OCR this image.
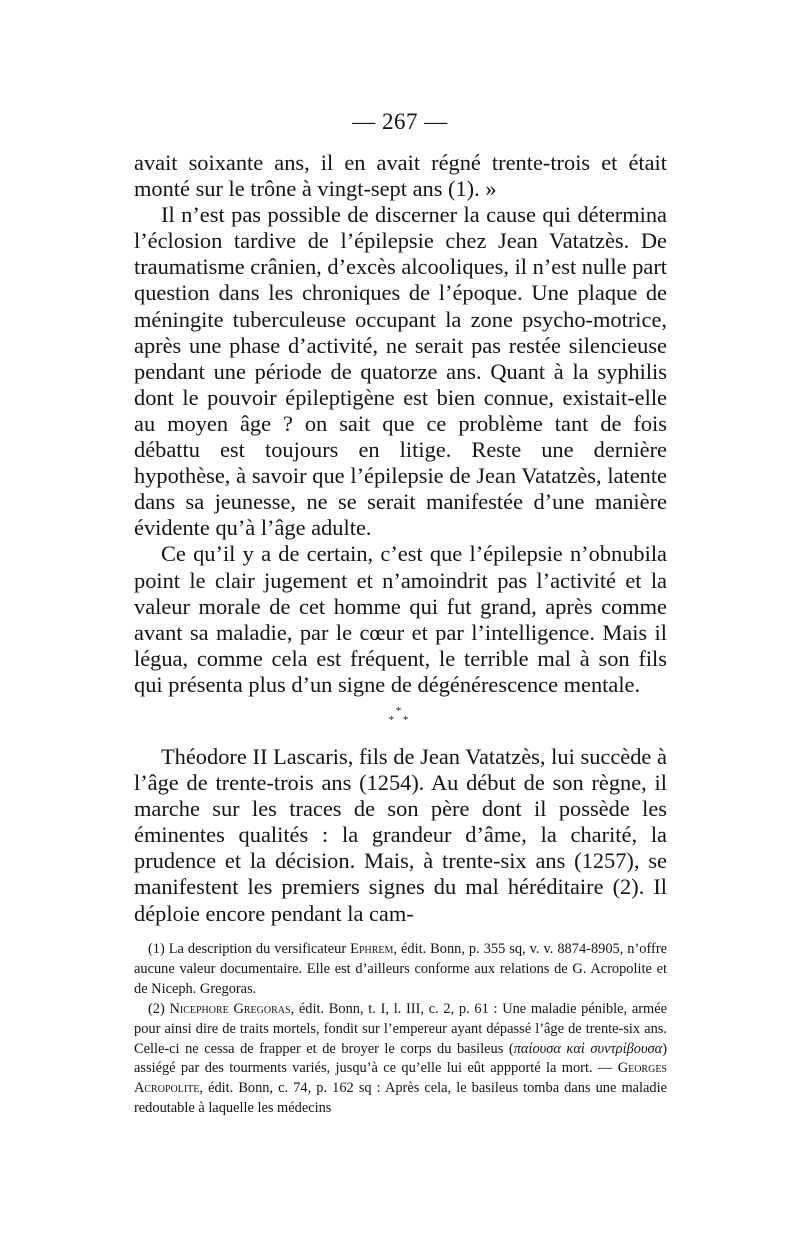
— 267 —

avait soixante ans, il en avait régné trente-trois et était monté sur le trône à vingt-sept ans (1). »

Il n’est pas possible de discerner la cause qui détermina l’éclosion tardive de l’épilepsie chez Jean Vatatzès. De traumatisme crânien, d’excès alcooliques, il n’est nulle part question dans les chroniques de l’époque. Une plaque de méningite tuberculeuse occupant la zone psycho-motrice, après une phase d’activité, ne serait pas restée silencieuse pendant une période de quatorze ans. Quant à la syphilis dont le pouvoir épileptigène est bien connue, existait-elle au moyen âge ? on sait que ce problème tant de fois débattu est toujours en litige. Reste une dernière hypothèse, à savoir que l’épilepsie de Jean Vatatzès, latente dans sa jeunesse, ne se serait manifestée d’une manière évidente qu’à l’âge adulte.

Ce qu’il y a de certain, c’est que l’épilepsie n’obnubila point le clair jugement et n’amoindrit pas l’activité et la valeur morale de cet homme qui fut grand, après comme avant sa maladie, par le cœur et par l’intelligence. Mais il légua, comme cela est fréquent, le terrible mal à son fils qui présenta plus d’un signe de dégénérescence mentale.

*
* *

Théodore II Lascaris, fils de Jean Vatatzès, lui succède à l’âge de trente-trois ans (1254). Au début de son règne, il marche sur les traces de son père dont il possède les éminentes qualités : la grandeur d’âme, la charité, la prudence et la décision. Mais, à trente-six ans (1257), se manifestent les premiers signes du mal héréditaire (2). Il déploie encore pendant la cam-

(1) La description du versificateur Ephrem, édit. Bonn, p. 355 sq, v. v. 8874-8905, n’offre aucune valeur documentaire. Elle est d’ailleurs conforme aux relations de G. Acropolite et de Niceph. Gregoras.

(2) Nicephore Gregoras, édit. Bonn, t. I, l. III, c. 2, p. 61 : Une maladie pénible, armée pour ainsi dire de traits mortels, fondit sur l’empereur ayant dépassé l’âge de trente-six ans. Celle-ci ne cessa de frapper et de broyer le corps du basileus (παίουσα καὶ συντρίβουσα) assiégé par des tourments variés, jusqu’à ce qu’elle lui eût appporté la mort. — Georges Acropolite, édit. Bonn, c. 74, p. 162 sq : Après cela, le basileus tomba dans une maladie redoutable à laquelle les médecins
